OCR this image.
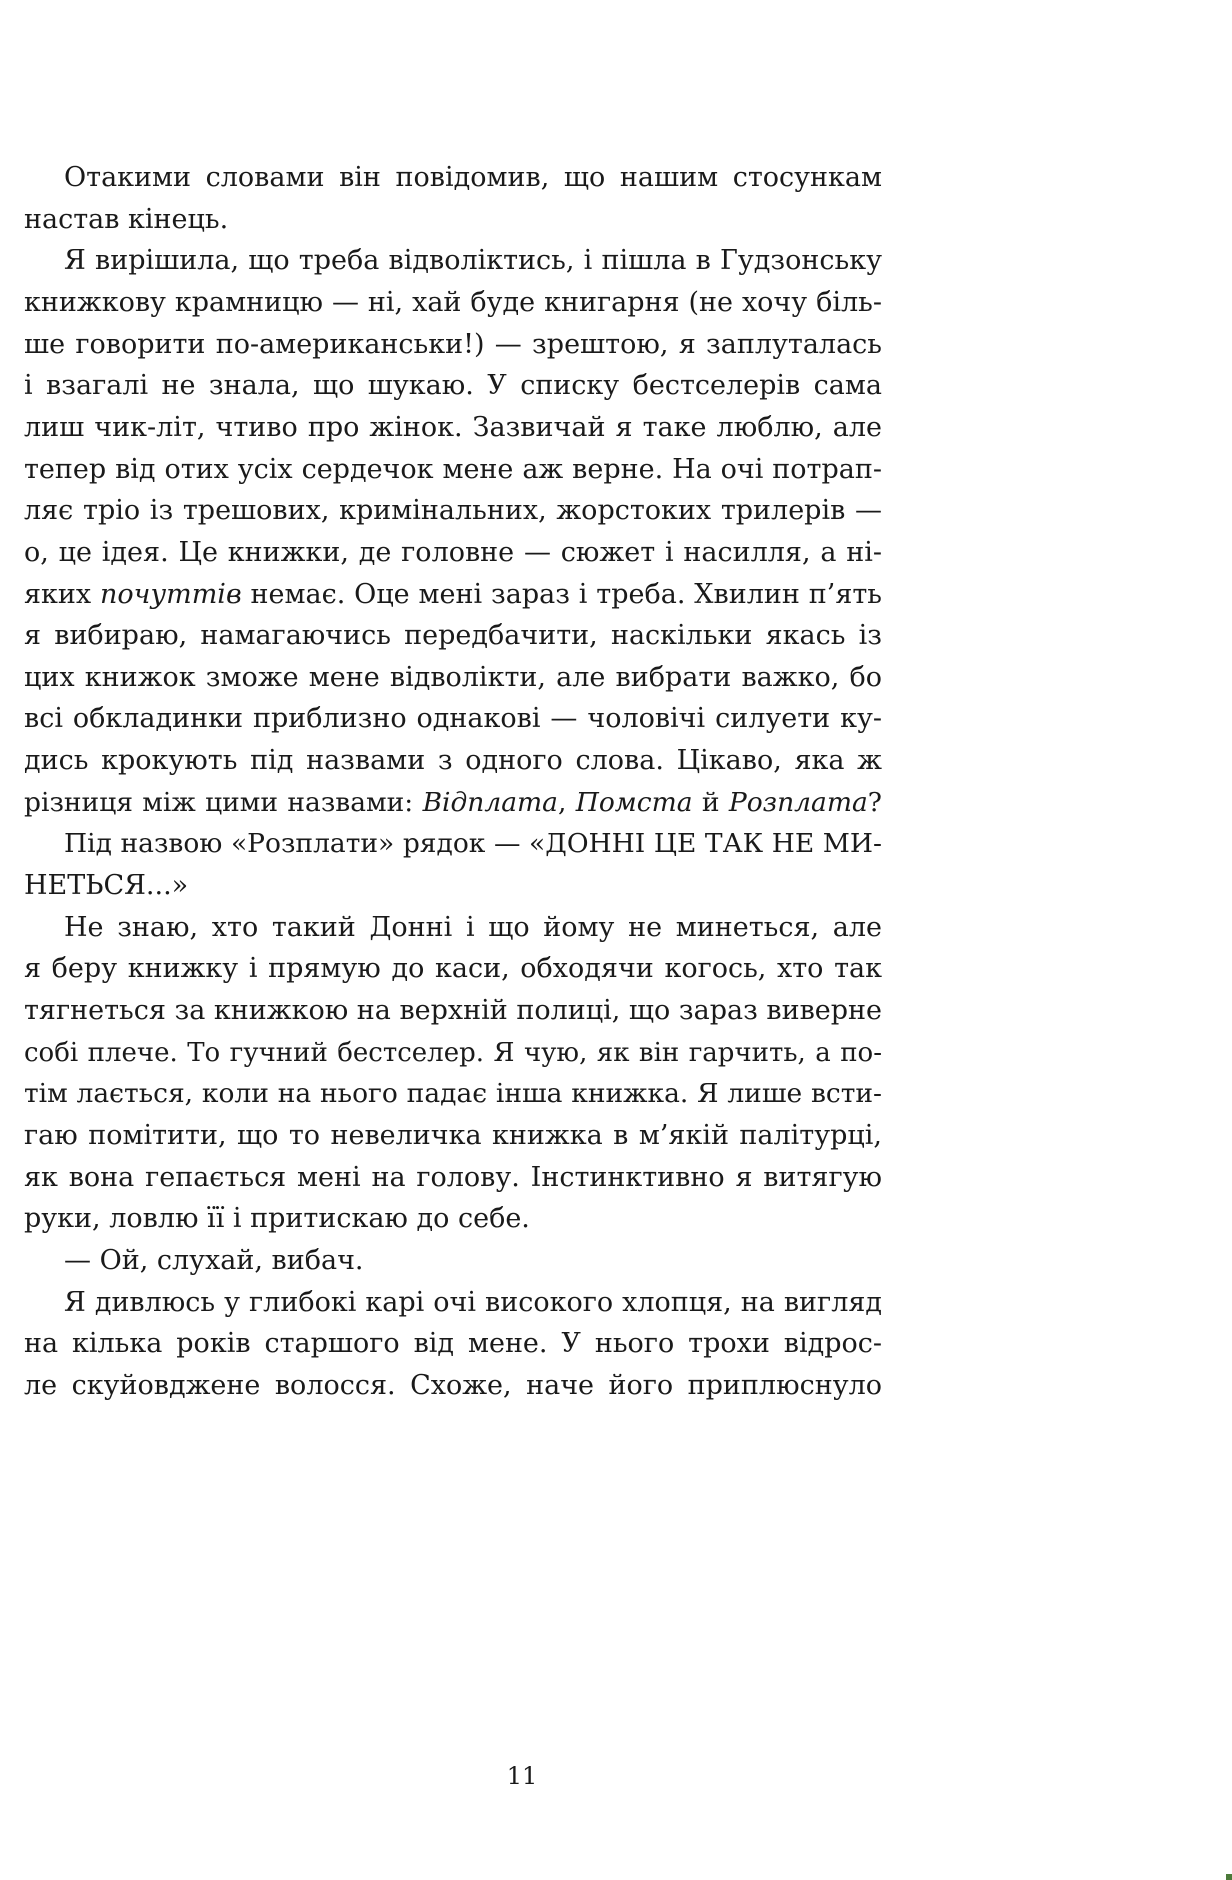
Отакими словами він повідомив, що нашим стосункам
настав кінець.
Я вирішила, що треба відволіктись, і пішла в Гудзонську
книжкову крамницю — ні, хай буде книгарня (не хочу біль-
ше говорити по-американськи!) — зрештою, я заплуталась
і взагалі не знала, що шукаю. У списку бестселерів сама
лиш чик-літ, чтиво про жінок. Зазвичай я таке люблю, але
тепер від отих усіх сердечок мене аж верне. На очі потрап-
ляє тріо із трешових, кримінальних, жорстоких трилерів —
о, це ідея. Це книжки, де головне — сюжет і насилля, а ні-
яких почуттів немає. Оце мені зараз і треба. Хвилин п’ять
я вибираю, намагаючись передбачити, наскільки якась із
цих книжок зможе мене відволікти, але вибрати важко, бо
всі обкладинки приблизно однакові — чоловічі силуети ку-
дись крокують під назвами з одного слова. Цікаво, яка ж
різниця між цими назвами: Відплата, Помста й Розплата?
Під назвою «Розплати» рядок — «ДОННІ ЦЕ ТАК НЕ МИ-
НЕТЬСЯ...»
Не знаю, хто такий Донні і що йому не минеться, але
я беру книжку і прямую до каси, обходячи когось, хто так
тягнеться за книжкою на верхній полиці, що зараз виверне
собі плече. То гучний бестселер. Я чую, як він гарчить, а по-
тім лається, коли на нього падає інша книжка. Я лише всти-
гаю помітити, що то невеличка книжка в м’якій палітурці,
як вона гепається мені на голову. Інстинктивно я витягую
руки, ловлю її і притискаю до себе.
— Ой, слухай, вибач.
Я дивлюсь у глибокі карі очі високого хлопця, на вигляд
на кілька років старшого від мене. У нього трохи відрос-
ле скуйовджене волосся. Схоже, наче його приплюснуло
11
